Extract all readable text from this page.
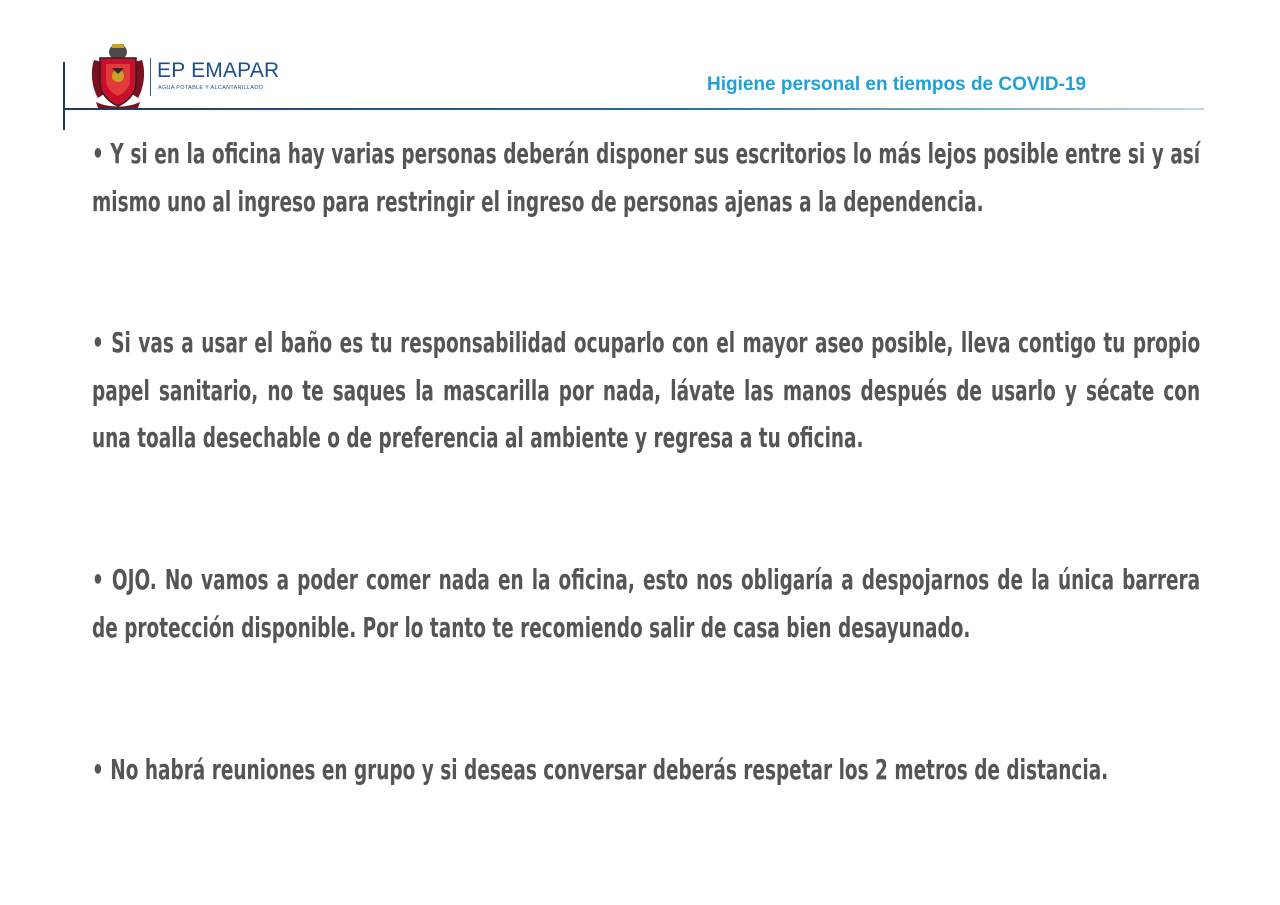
EP EMAPAR
AGUA POTABLE Y ALCANTARILLADO	Higiene personal en tiempos de COVID-19

• Y si en la oficina hay varias personas deberán disponer sus escritorios lo más lejos posible entre si y así mismo uno al ingreso para restringir el ingreso de personas ajenas a la dependencia.

• Si vas a usar el baño es tu responsabilidad ocuparlo con el mayor aseo posible, lleva contigo tu propio papel sanitario, no te saques la mascarilla por nada, lávate las manos después de usarlo y sécate con una toalla desechable o de preferencia al ambiente y regresa a tu oficina.

• OJO. No vamos a poder comer nada en la oficina, esto nos obligaría a despojarnos de la única barrera de protección disponible. Por lo tanto te recomiendo salir de casa bien desayunado.

• No habrá reuniones en grupo y si deseas conversar deberás respetar los 2 metros de distancia.
